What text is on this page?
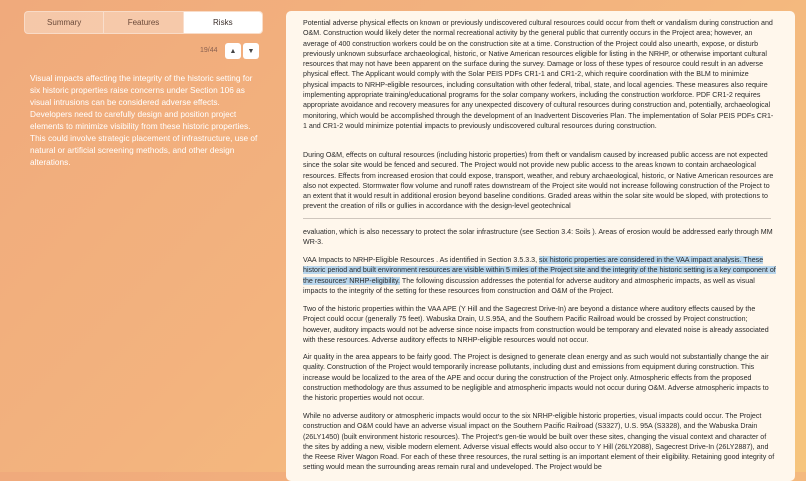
Summary	Features	Risks
19/44 ▲ ▼
Visual impacts affecting the integrity of the historic setting for six historic properties raise concerns under Section 106 as visual intrusions can be considered adverse effects. Developers need to carefully design and position project elements to minimize visibility from these historic properties. This could involve strategic placement of infrastructure, use of natural or artificial screening methods, and other design alterations.

Potential adverse physical effects on known or previously undiscovered cultural resources could occur from theft or vandalism during construction and O&M. Construction would likely deter the normal recreational activity by the general public that currently occurs in the Project area; however, an average of 400 construction workers could be on the construction site at a time. Construction of the Project could also unearth, expose, or disturb previously unknown subsurface archaeological, historic, or Native American resources eligible for listing in the NRHP, or otherwise important cultural resources that may not have been apparent on the surface during the survey. Damage or loss of these types of resource could result in an adverse physical effect. The Applicant would comply with the Solar PEIS PDFs CR1-1 and CR1-2, which require coordination with the BLM to minimize physical impacts to NRHP-eligible resources, including consultation with other federal, tribal, state, and local agencies. These measures also require implementing appropriate training/educational programs for the solar company workers, including the construction workforce. PDF CR1-2 requires appropriate avoidance and recovery measures for any unexpected discovery of cultural resources during construction and, potentially, archaeological monitoring, which would be accomplished through the development of an Inadvertent Discoveries Plan. The implementation of Solar PEIS PDFs CR1-1 and CR1-2 would minimize potential impacts to previously undiscovered cultural resources during construction.

During O&M, effects on cultural resources (including historic properties) from theft or vandalism caused by increased public access are not expected since the solar site would be fenced and secured. The Project would not provide new public access to the areas known to contain archaeological resources. Effects from increased erosion that could expose, transport, weather, and rebury archaeological, historic, or Native American resources are also not expected. Stormwater flow volume and runoff rates downstream of the Project site would not increase following construction of the Project to an extent that it would result in additional erosion beyond baseline conditions. Graded areas within the solar site would be sloped, with protections to prevent the creation of rills or gullies in accordance with the design-level geotechnical

evaluation, which is also necessary to protect the solar infrastructure (see Section 3.4: Soils ). Areas of erosion would be addressed early through MM WR-3.

VAA Impacts to NRHP-Eligible Resources . As identified in Section 3.5.3.3, six historic properties are considered in the VAA impact analysis. These historic period and built environment resources are visible within 5 miles of the Project site and the integrity of the historic setting is a key component of the resources' NRHP-eligibility. The following discussion addresses the potential for adverse auditory and atmospheric impacts, as well as visual impacts to the integrity of the setting for these resources from construction and O&M of the Project.

Two of the historic properties within the VAA APE (Y Hill and the Sagecrest Drive-In) are beyond a distance where auditory effects caused by the Project could occur (generally 75 feet). Wabuska Drain, U.S.95A, and the Southern Pacific Railroad would be crossed by Project construction; however, auditory impacts would not be adverse since noise impacts from construction would be temporary and elevated noise is already associated with these resources. Adverse auditory effects to NRHP-eligible resources would not occur.

Air quality in the area appears to be fairly good. The Project is designed to generate clean energy and as such would not substantially change the air quality. Construction of the Project would temporarily increase pollutants, including dust and emissions from equipment during construction. This increase would be localized to the area of the APE and occur during the construction of the Project only. Atmospheric effects from the proposed construction methodology are thus assumed to be negligible and atmospheric impacts would not occur during O&M. Adverse atmospheric impacts to the historic properties would not occur.

While no adverse auditory or atmospheric impacts would occur to the six NRHP-eligible historic properties, visual impacts could occur. The Project construction and O&M could have an adverse visual impact on the Southern Pacific Railroad (S3327), U.S. 95A (S3328), and the Wabuska Drain (26LY1450) (built environment historic resources). The Project's gen-tie would be built over these sites, changing the visual context and character of the sites by adding a new, visible modern element. Adverse visual effects would also occur to Y Hill (26LY2088), Sagecrest Drive-In (26LY2887), and the Reese River Wagon Road. For each of these three resources, the rural setting is an important element of their eligibility. Retaining good integrity of setting would mean the surrounding areas remain rural and undeveloped. The Project would be
